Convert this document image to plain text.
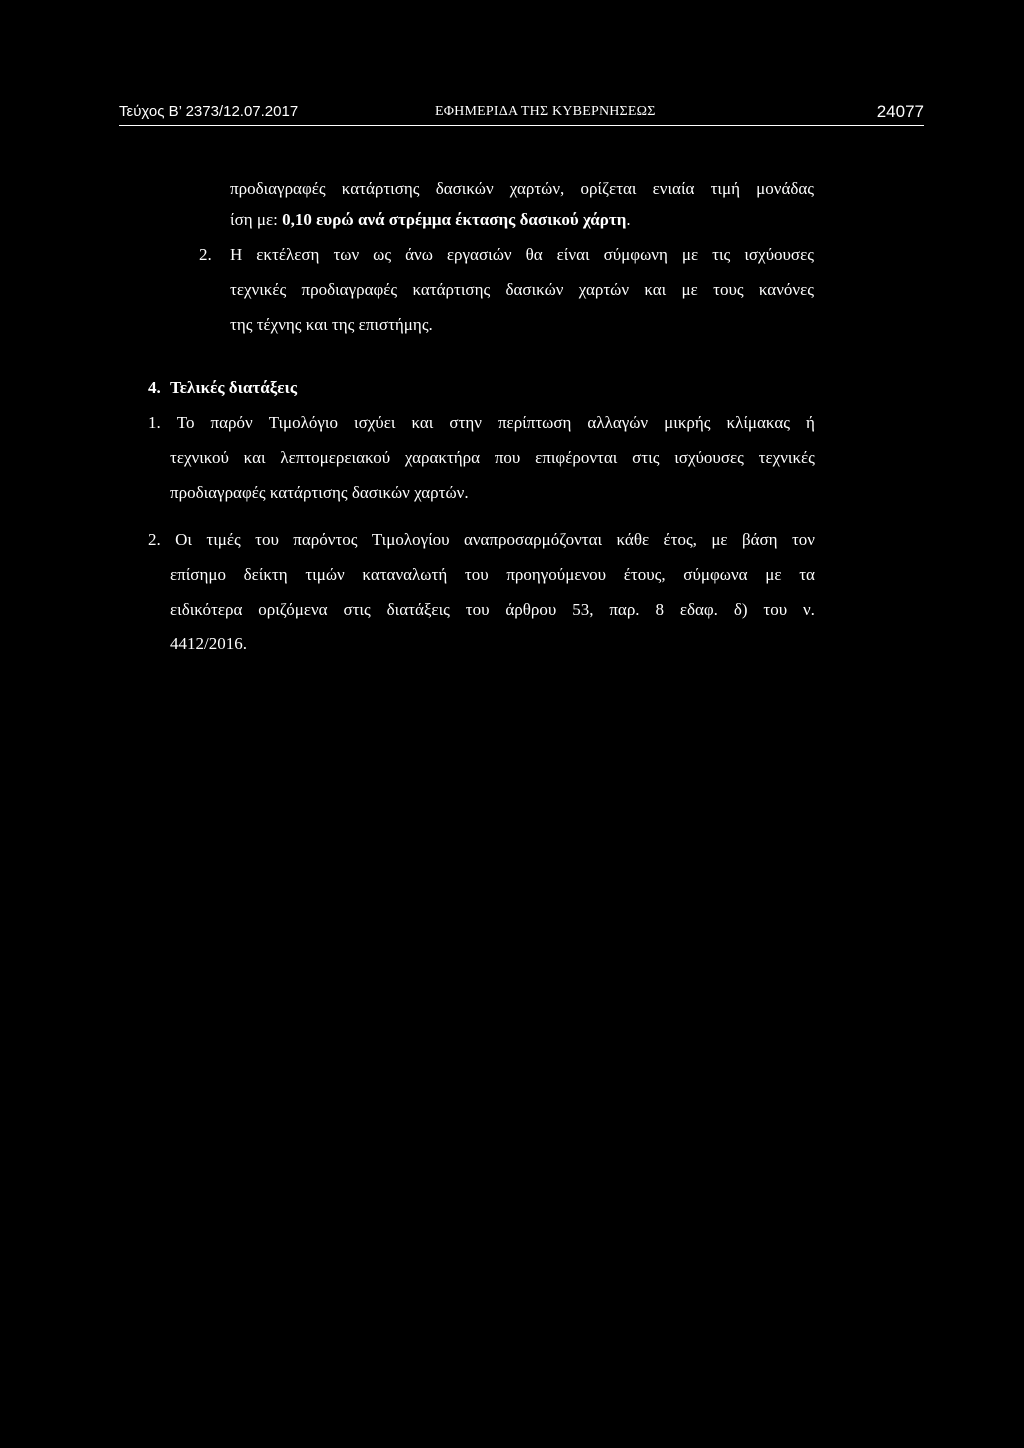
Τεύχος Β’ 2373/12.07.2017	ΕΦΗΜΕΡΙΔΑ ΤΗΣ ΚΥΒΕΡΝΗΣΕΩΣ	24077
προδιαγραφές κατάρτισης δασικών χαρτών, ορίζεται ενιαία τιμή μονάδας
ίση με: 0,10 ευρώ ανά στρέμμα έκτασης δασικού χάρτη.
2. Η εκτέλεση των ως άνω εργασιών θα είναι σύμφωνη με τις ισχύουσες
τεχνικές προδιαγραφές κατάρτισης δασικών χαρτών και με τους κανόνες
της τέχνης και της επιστήμης.
4. Τελικές διατάξεις
1. Το παρόν Τιμολόγιο ισχύει και στην περίπτωση αλλαγών μικρής κλίμακας ή
τεχνικού και λεπτομερειακού χαρακτήρα που επιφέρονται στις ισχύουσες τεχνικές
προδιαγραφές κατάρτισης δασικών χαρτών.
2. Οι τιμές του παρόντος Τιμολογίου αναπροσαρμόζονται κάθε έτος, με βάση τον
επίσημο δείκτη τιμών καταναλωτή του προηγούμενου έτους, σύμφωνα με τα
ειδικότερα οριζόμενα στις διατάξεις του άρθρου 53, παρ. 8 εδαφ. δ) του ν.
4412/2016.
